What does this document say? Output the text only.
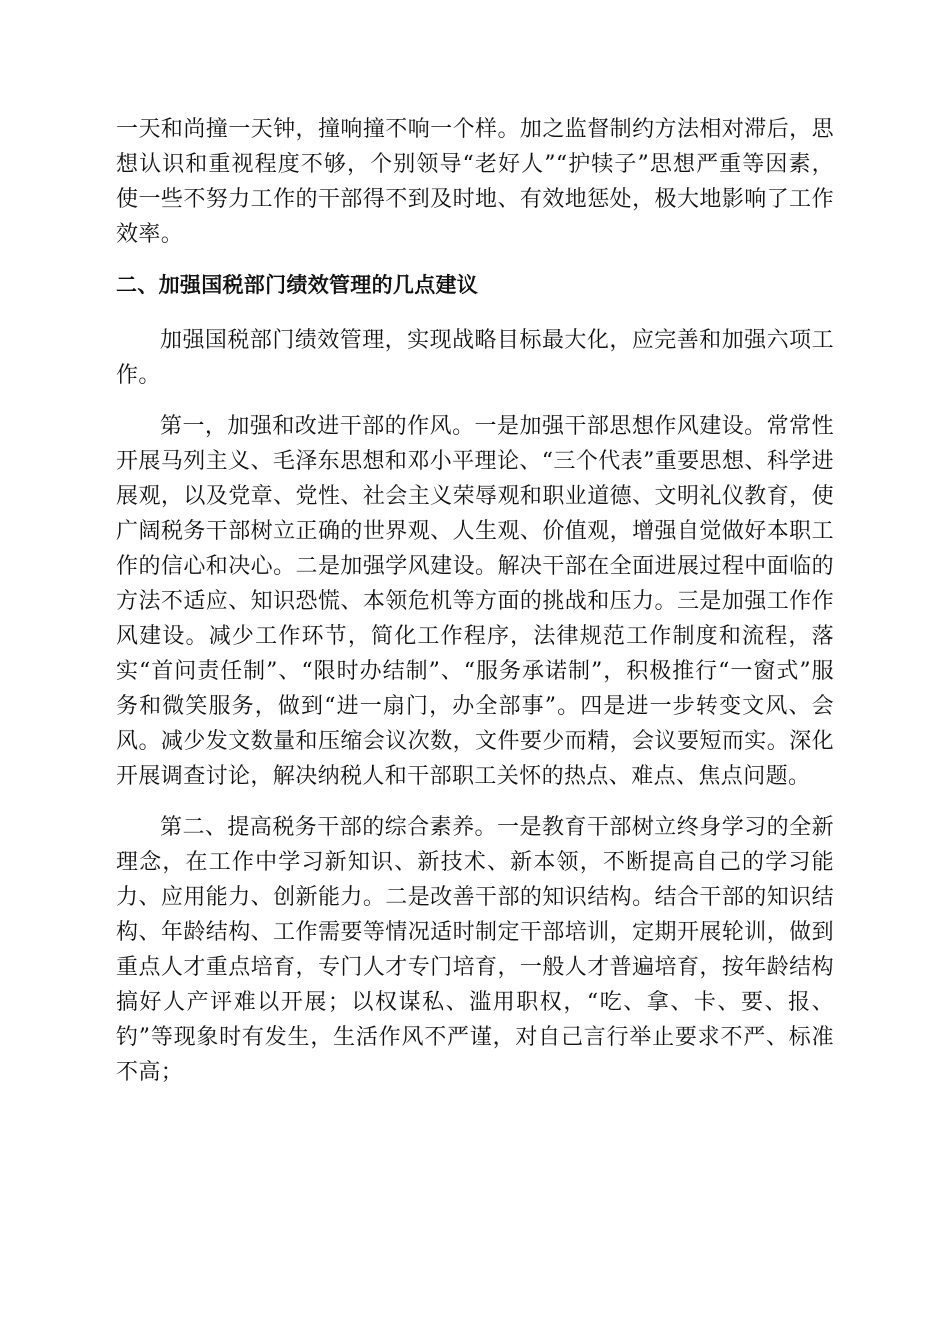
一天和尚撞一天钟，撞响撞不响一个样。加之监督制约方法相对滞后，思想认识和重视程度不够，个别领导“老好人”“护犊子”思想严重等因素，使一些不努力工作的干部得不到及时地、有效地惩处，极大地影响了工作效率。

二、加强国税部门绩效管理的几点建议

加强国税部门绩效管理，实现战略目标最大化，应完善和加强六项工作。

第一，加强和改进干部的作风。一是加强干部思想作风建设。常常性开展马列主义、毛泽东思想和邓小平理论、“三个代表”重要思想、科学进展观，以及党章、党性、社会主义荣辱观和职业道德、文明礼仪教育，使广阔税务干部树立正确的世界观、人生观、价值观，增强自觉做好本职工作的信心和决心。二是加强学风建设。解决干部在全面进展过程中面临的方法不适应、知识恐慌、本领危机等方面的挑战和压力。三是加强工作作风建设。减少工作环节，简化工作程序，法律规范工作制度和流程，落实“首问责任制”、“限时办结制”、“服务承诺制”，积极推行“一窗式”服务和微笑服务，做到“进一扇门，办全部事”。四是进一步转变文风、会风。减少发文数量和压缩会议次数，文件要少而精，会议要短而实。深化开展调查讨论，解决纳税人和干部职工关怀的热点、难点、焦点问题。

第二、提高税务干部的综合素养。一是教育干部树立终身学习的全新理念，在工作中学习新知识、新技术、新本领，不断提高自己的学习能力、应用能力、创新能力。二是改善干部的知识结构。结合干部的知识结构、年龄结构、工作需要等情况适时制定干部培训，定期开展轮训，做到重点人才重点培育，专门人才专门培育，一般人才普遍培育，按年龄结构搞好人产评难以开展；以权谋私、滥用职权，“吃、拿、卡、要、报、钓”等现象时有发生，生活作风不严谨，对自己言行举止要求不严、标准不高；
